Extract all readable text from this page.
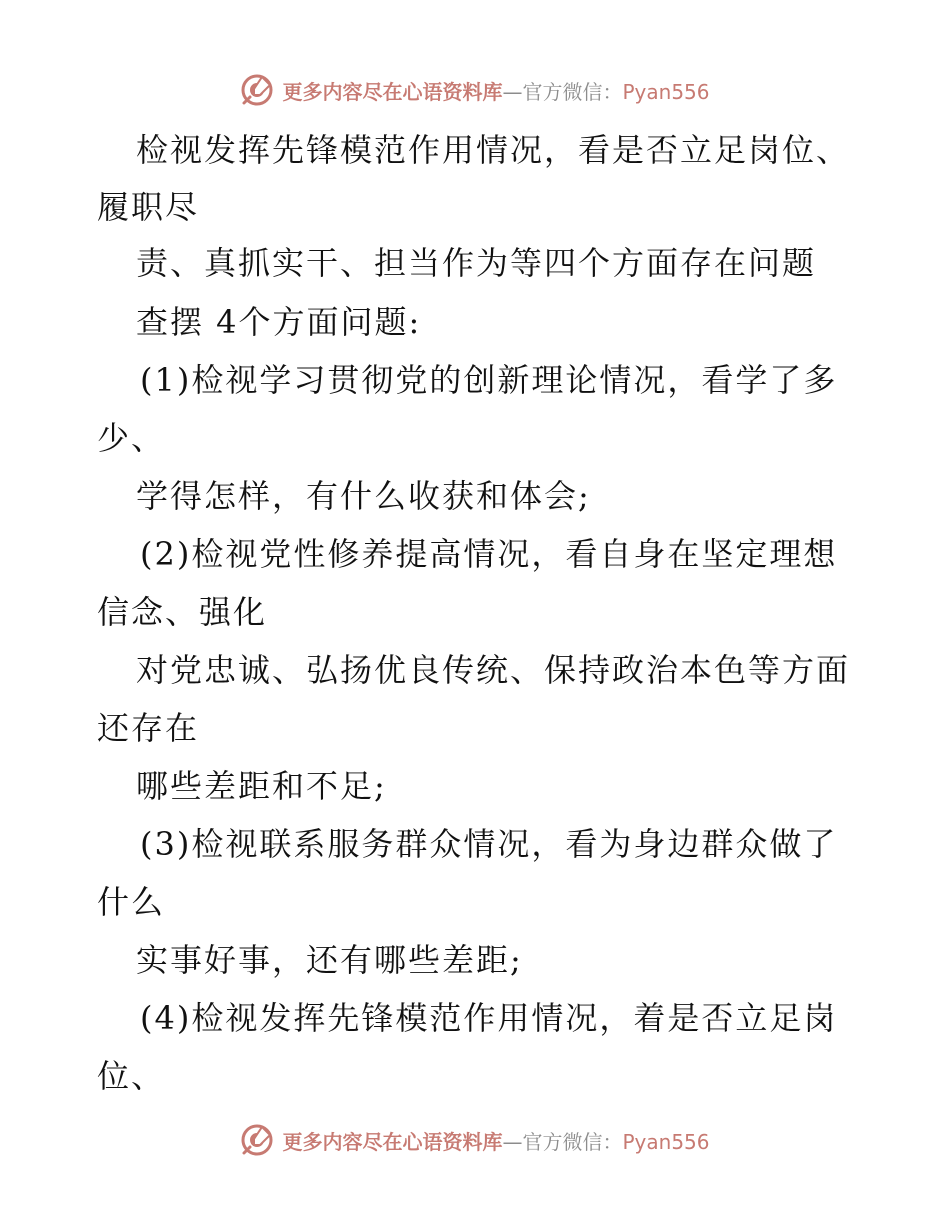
更多内容尽在心语资料库—官方微信：Pyan556
检视发挥先锋模范作用情况，看是否立足岗位、
履职尽
责、真抓实干、担当作为等四个方面存在问题
查摆 4个方面问题:
(1)检视学习贯彻党的创新理论情况，看学了多
少、
学得怎样，有什么收获和体会;
(2)检视党性修养提高情况，看自身在坚定理想
信念、强化
对党忠诚、弘扬优良传统、保持政治本色等方面
还存在
哪些差距和不足;
(3)检视联系服务群众情况，看为身边群众做了
什么
实事好事，还有哪些差距;
(4)检视发挥先锋模范作用情况，着是否立足岗
位、
更多内容尽在心语资料库—官方微信：Pyan556
